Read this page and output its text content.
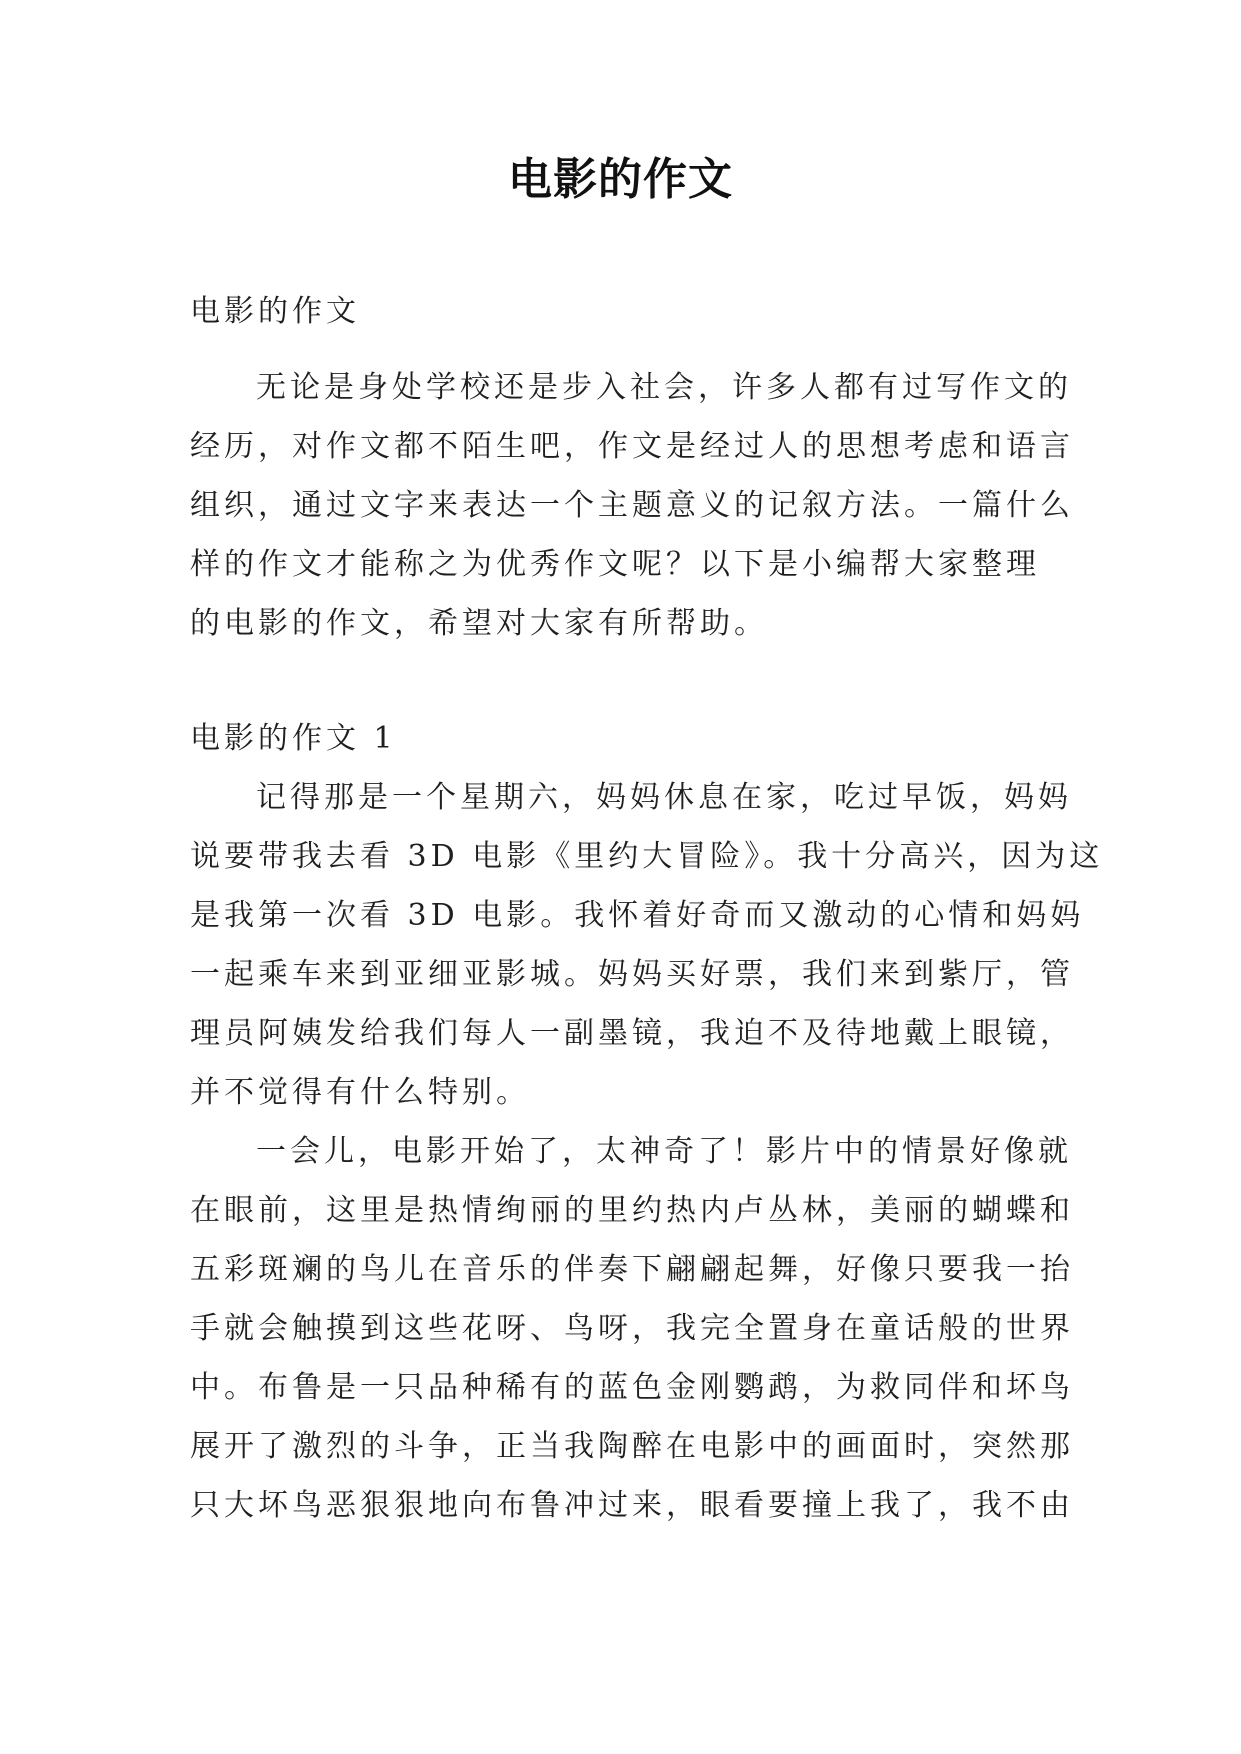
电影的作文
电影的作文
无论是身处学校还是步入社会，许多人都有过写作文的
经历，对作文都不陌生吧，作文是经过人的思想考虑和语言
组织，通过文字来表达一个主题意义的记叙方法。一篇什么
样的作文才能称之为优秀作文呢？以下是小编帮大家整理
的电影的作文，希望对大家有所帮助。
电影的作文 1
记得那是一个星期六，妈妈休息在家，吃过早饭，妈妈
说要带我去看 3D 电影《里约大冒险》。我十分高兴，因为这
是我第一次看 3D 电影。我怀着好奇而又激动的心情和妈妈
一起乘车来到亚细亚影城。妈妈买好票，我们来到紫厅，管
理员阿姨发给我们每人一副墨镜，我迫不及待地戴上眼镜，
并不觉得有什么特别。
一会儿，电影开始了，太神奇了！影片中的情景好像就
在眼前，这里是热情绚丽的里约热内卢丛林，美丽的蝴蝶和
五彩斑斓的鸟儿在音乐的伴奏下翩翩起舞，好像只要我一抬
手就会触摸到这些花呀、鸟呀，我完全置身在童话般的世界
中。布鲁是一只品种稀有的蓝色金刚鹦鹉，为救同伴和坏鸟
展开了激烈的斗争，正当我陶醉在电影中的画面时，突然那
只大坏鸟恶狠狠地向布鲁冲过来，眼看要撞上我了，我不由
